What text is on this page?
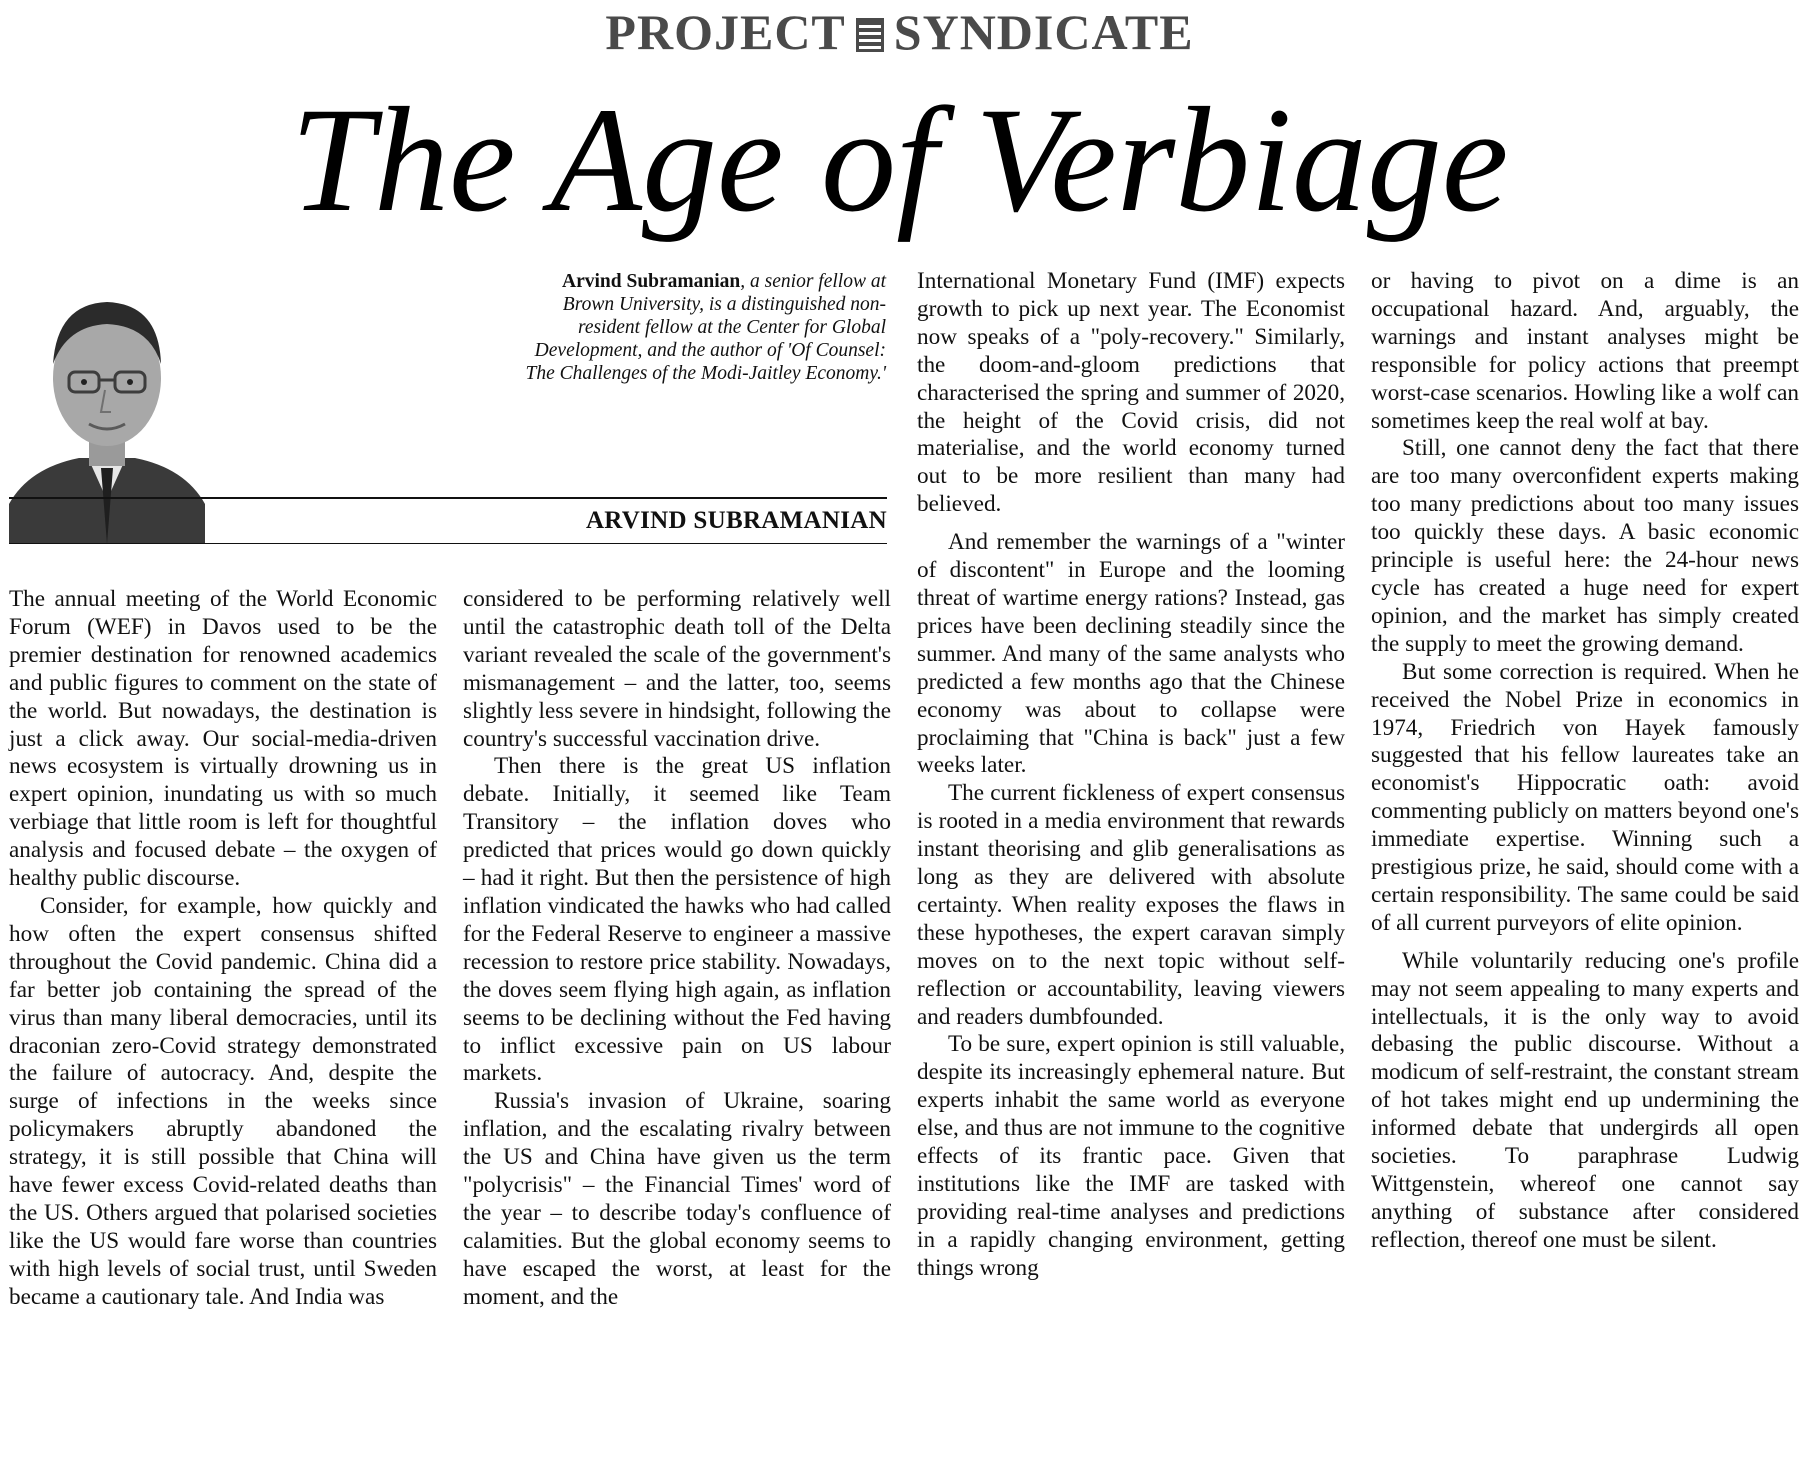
PROJECT SYNDICATE
The Age of Verbiage
Arvind Subramanian, a senior fellow at Brown University, is a distinguished non-resident fellow at the Center for Global Development, and the author of 'Of Counsel: The Challenges of the Modi-Jaitley Economy.'
ARVIND SUBRAMANIAN

The annual meeting of the World Economic Forum (WEF) in Davos used to be the premier destination for renowned academics and public figures to comment on the state of the world. But nowadays, the destination is just a click away. Our social-media-driven news ecosystem is virtually drowning us in expert opinion, inundating us with so much verbiage that little room is left for thoughtful analysis and focused debate – the oxygen of healthy public discourse.

Consider, for example, how quickly and how often the expert consensus shifted throughout the Covid pandemic. China did a far better job containing the spread of the virus than many liberal democracies, until its draconian zero-Covid strategy demonstrated the failure of autocracy. And, despite the surge of infections in the weeks since policymakers abruptly abandoned the strategy, it is still possible that China will have fewer excess Covid-related deaths than the US. Others argued that polarised societies like the US would fare worse than countries with high levels of social trust, until Sweden became a cautionary tale. And India was

considered to be performing relatively well until the catastrophic death toll of the Delta variant revealed the scale of the government's mismanagement – and the latter, too, seems slightly less severe in hindsight, following the country's successful vaccination drive.

Then there is the great US inflation debate. Initially, it seemed like Team Transitory – the inflation doves who predicted that prices would go down quickly – had it right. But then the persistence of high inflation vindicated the hawks who had called for the Federal Reserve to engineer a massive recession to restore price stability. Nowadays, the doves seem flying high again, as inflation seems to be declining without the Fed having to inflict excessive pain on US labour markets.

Russia's invasion of Ukraine, soaring inflation, and the escalating rivalry between the US and China have given us the term "polycrisis" – the Financial Times' word of the year – to describe today's confluence of calamities. But the global economy seems to have escaped the worst, at least for the moment, and the

International Monetary Fund (IMF) expects growth to pick up next year. The Economist now speaks of a "poly-recovery." Similarly, the doom-and-gloom predictions that characterised the spring and summer of 2020, the height of the Covid crisis, did not materialise, and the world economy turned out to be more resilient than many had believed.

And remember the warnings of a "winter of discontent" in Europe and the looming threat of wartime energy rations? Instead, gas prices have been declining steadily since the summer. And many of the same analysts who predicted a few months ago that the Chinese economy was about to collapse were proclaiming that "China is back" just a few weeks later.

The current fickleness of expert consensus is rooted in a media environment that rewards instant theorising and glib generalisations as long as they are delivered with absolute certainty. When reality exposes the flaws in these hypotheses, the expert caravan simply moves on to the next topic without self-reflection or accountability, leaving viewers and readers dumbfounded.

To be sure, expert opinion is still valuable, despite its increasingly ephemeral nature. But experts inhabit the same world as everyone else, and thus are not immune to the cognitive effects of its frantic pace. Given that institutions like the IMF are tasked with providing real-time analyses and predictions in a rapidly changing environment, getting things wrong

or having to pivot on a dime is an occupational hazard. And, arguably, the warnings and instant analyses might be responsible for policy actions that preempt worst-case scenarios. Howling like a wolf can sometimes keep the real wolf at bay.

Still, one cannot deny the fact that there are too many overconfident experts making too many predictions about too many issues too quickly these days. A basic economic principle is useful here: the 24-hour news cycle has created a huge need for expert opinion, and the market has simply created the supply to meet the growing demand.

But some correction is required. When he received the Nobel Prize in economics in 1974, Friedrich von Hayek famously suggested that his fellow laureates take an economist's Hippocratic oath: avoid commenting publicly on matters beyond one's immediate expertise. Winning such a prestigious prize, he said, should come with a certain responsibility. The same could be said of all current purveyors of elite opinion.

While voluntarily reducing one's profile may not seem appealing to many experts and intellectuals, it is the only way to avoid debasing the public discourse. Without a modicum of self-restraint, the constant stream of hot takes might end up undermining the informed debate that undergirds all open societies. To paraphrase Ludwig Wittgenstein, whereof one cannot say anything of substance after considered reflection, thereof one must be silent.
